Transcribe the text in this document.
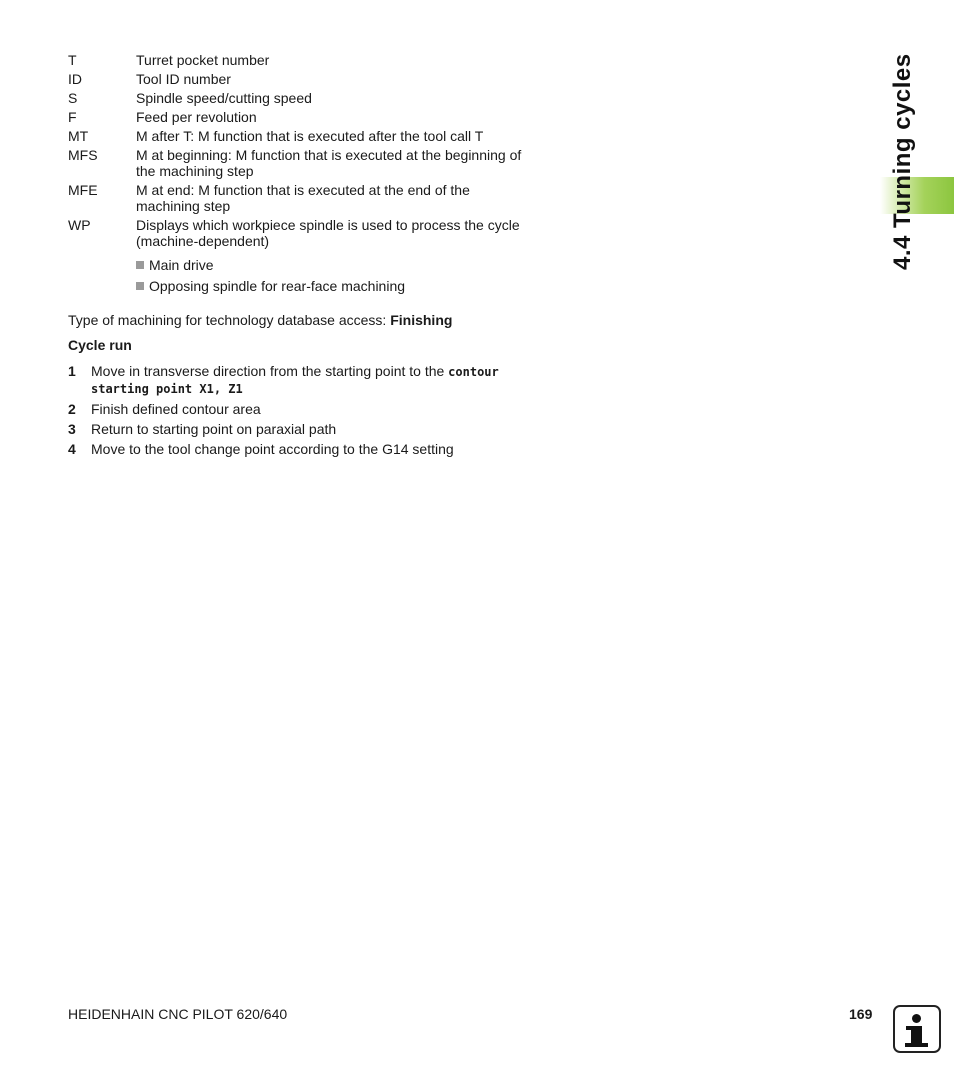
T	Turret pocket number
ID	Tool ID number
S	Spindle speed/cutting speed
F	Feed per revolution
MT	M after T: M function that is executed after the tool call T
MFS	M at beginning: M function that is executed at the beginning of the machining step
MFE	M at end: M function that is executed at the end of the machining step
WP	Displays which workpiece spindle is used to process the cycle (machine-dependent)
Main drive
Opposing spindle for rear-face machining
Type of machining for technology database access: Finishing
Cycle run
1 Move in transverse direction from the starting point to the contour starting point X1, Z1
2 Finish defined contour area
3 Return to starting point on paraxial path
4 Move to the tool change point according to the G14 setting
4.4 Turning cycles
HEIDENHAIN CNC PILOT 620/640	169
